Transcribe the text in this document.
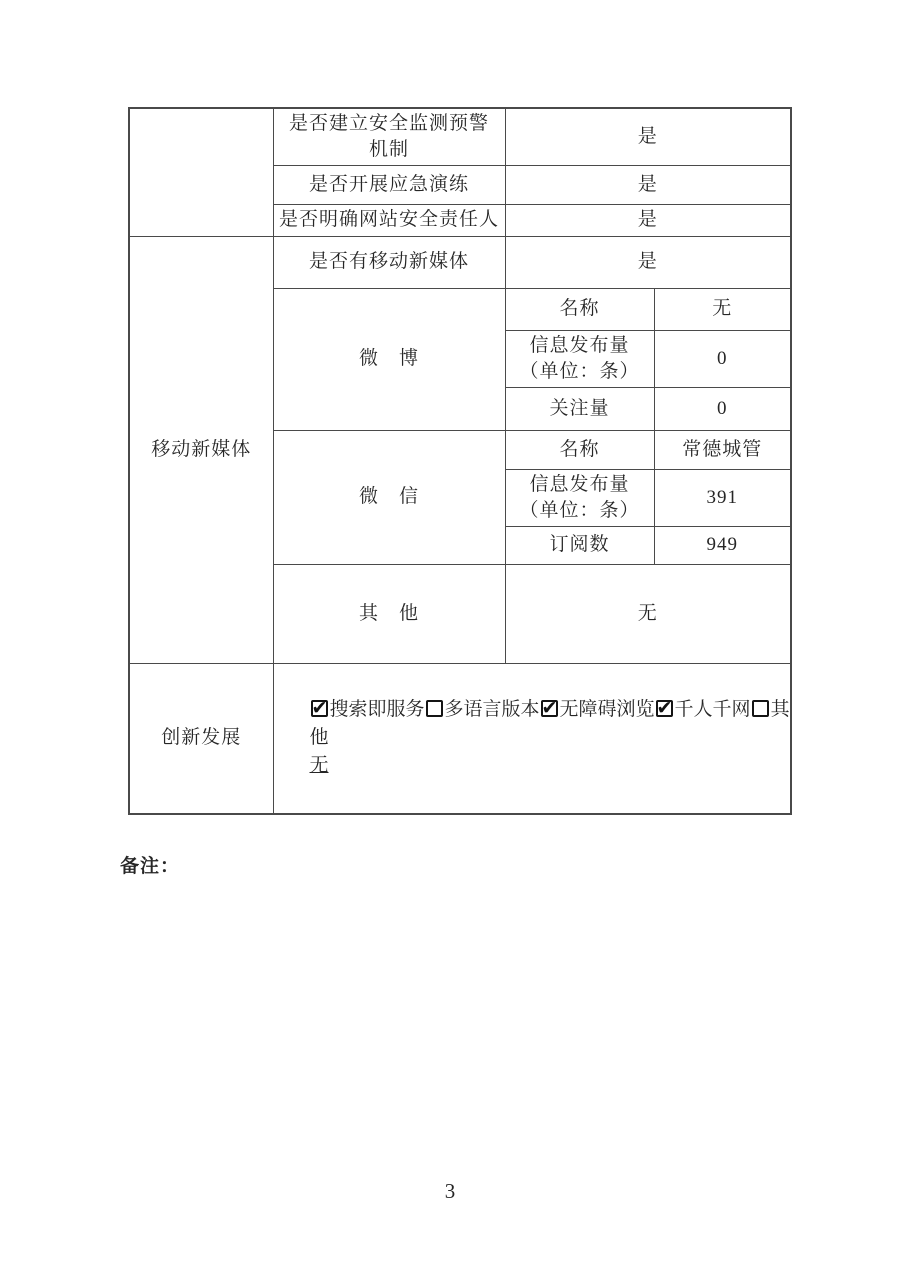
	是否建立安全监测预警
机制	是	
	是否开展应急演练	是	
	是否明确网站安全责任人	是	
移动新媒体	是否有移动新媒体	是	
	微　博	名称	无

		信息发布量
（单位：条）	0
		关注量	0
	微　信	名称	常德城管

		信息发布量
（单位：条）	391
		订阅数	949
	其　他	无	
创新发展	
✔搜索即服务 多语言版本 ✔ 无障碍浏览 ✔ 千人千网 其他
无
备注：
3
